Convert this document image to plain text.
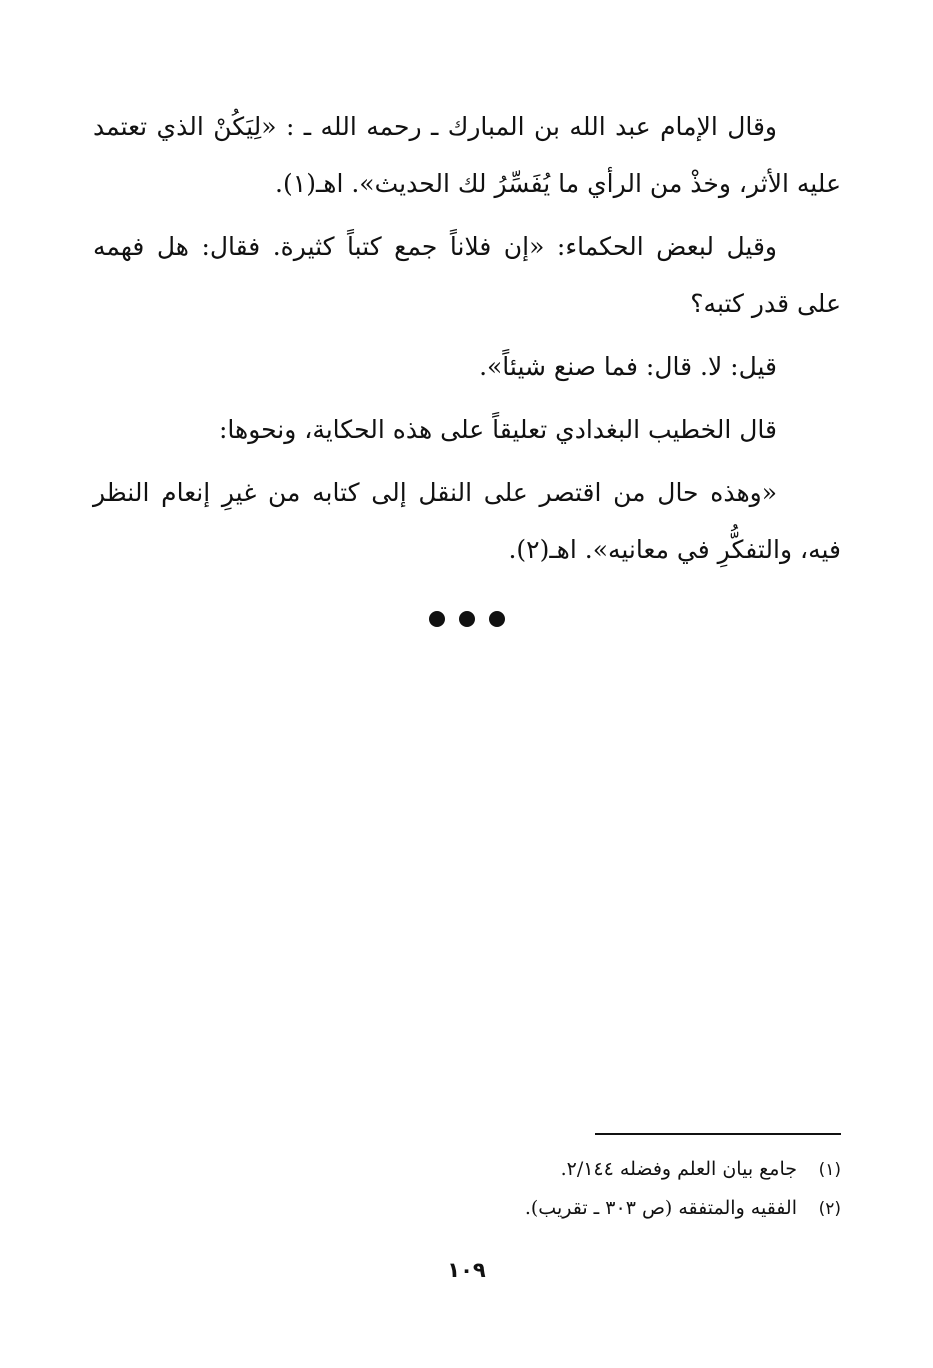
وقال الإمام عبد الله بن المبارك ـ رحمه الله ـ : «لِيَكُنْ الذي تعتمد عليه الأثر، وخذْ من الرأي ما يُفَسِّرُ لك الحديث». اهـ(١).

وقيل لبعض الحكماء: «إن فلاناً جمع كتباً كثيرة. فقال: هل فهمه على قدر كتبه؟

قيل: لا. قال: فما صنع شيئاً».

قال الخطيب البغدادي تعليقاً على هذه الحكاية، ونحوها:

«وهذه حال من اقتصر على النقل إلى كتابه من غيرِ إنعام النظر فيه، والتفكُّرِ في معانيه». اهـ(٢).

(١)
جامع بيان العلم وفضله ٢/١٤٤.
(٢)
الفقيه والمتفقه (ص ٣٠٣ ـ تقريب).
١٠٩
